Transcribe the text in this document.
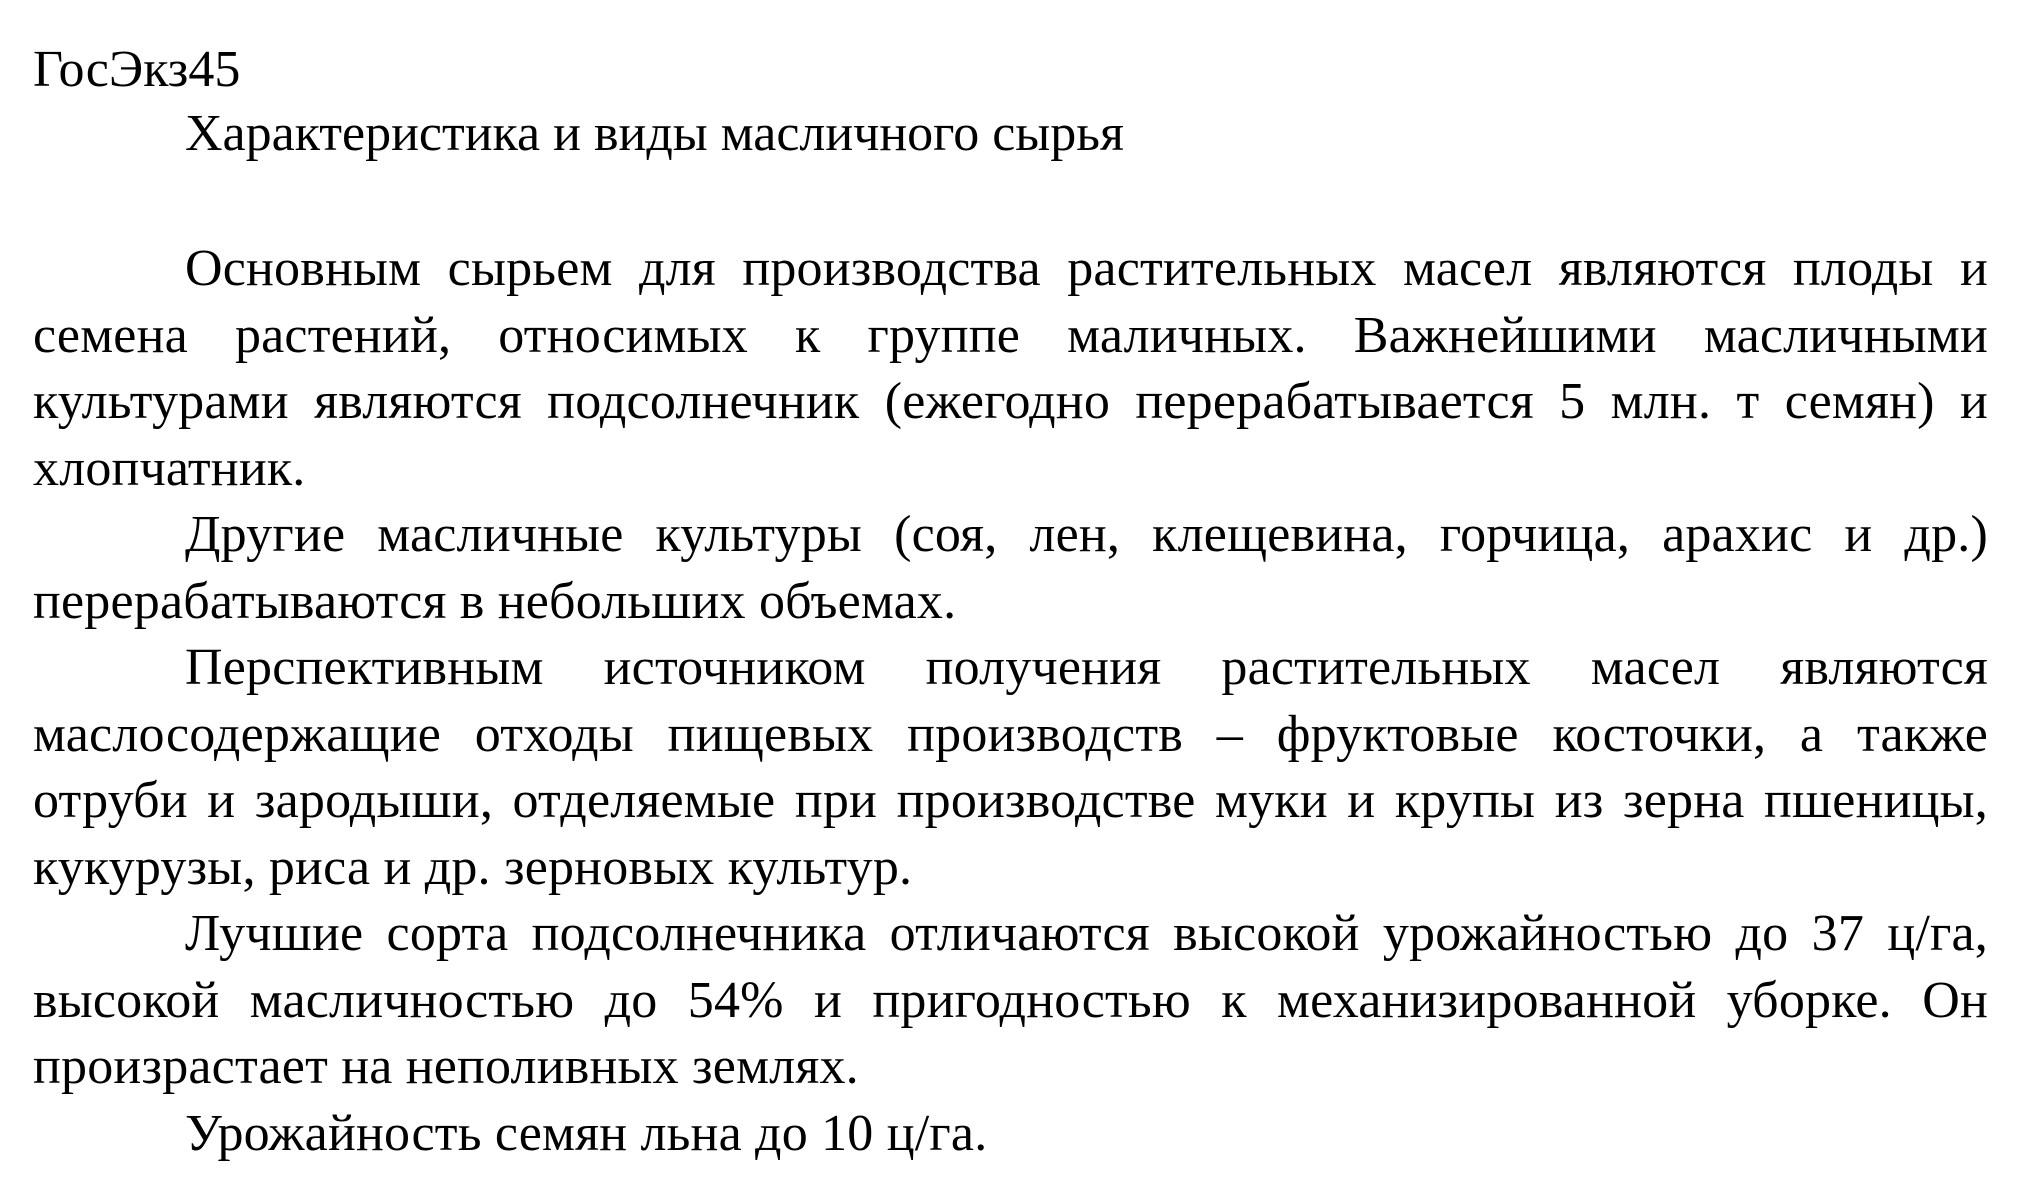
ГосЭкз45

Характеристика и виды масличного сырья

Основным сырьем для производства растительных масел являются плоды и семена растений, относимых к группе маличных. Важнейшими масличными культурами являются подсолнечник (ежегодно перерабатывается 5 млн. т семян) и хлопчатник.

Другие масличные культуры (соя, лен, клещевина, горчица, арахис и др.) перерабатываются в небольших объемах.

Перспективным источником получения растительных масел являются маслосодержащие отходы пищевых производств – фруктовые косточки, а также отруби и зародыши, отделяемые при производстве муки и крупы из зерна пшеницы, кукурузы, риса и др. зерновых культур.

Лучшие сорта подсолнечника отличаются высокой урожайностью до 37 ц/га, высокой масличностью до 54% и пригодностью к механизированной уборке. Он произрастает на неполивных землях.

Урожайность семян льна до 10 ц/га.
